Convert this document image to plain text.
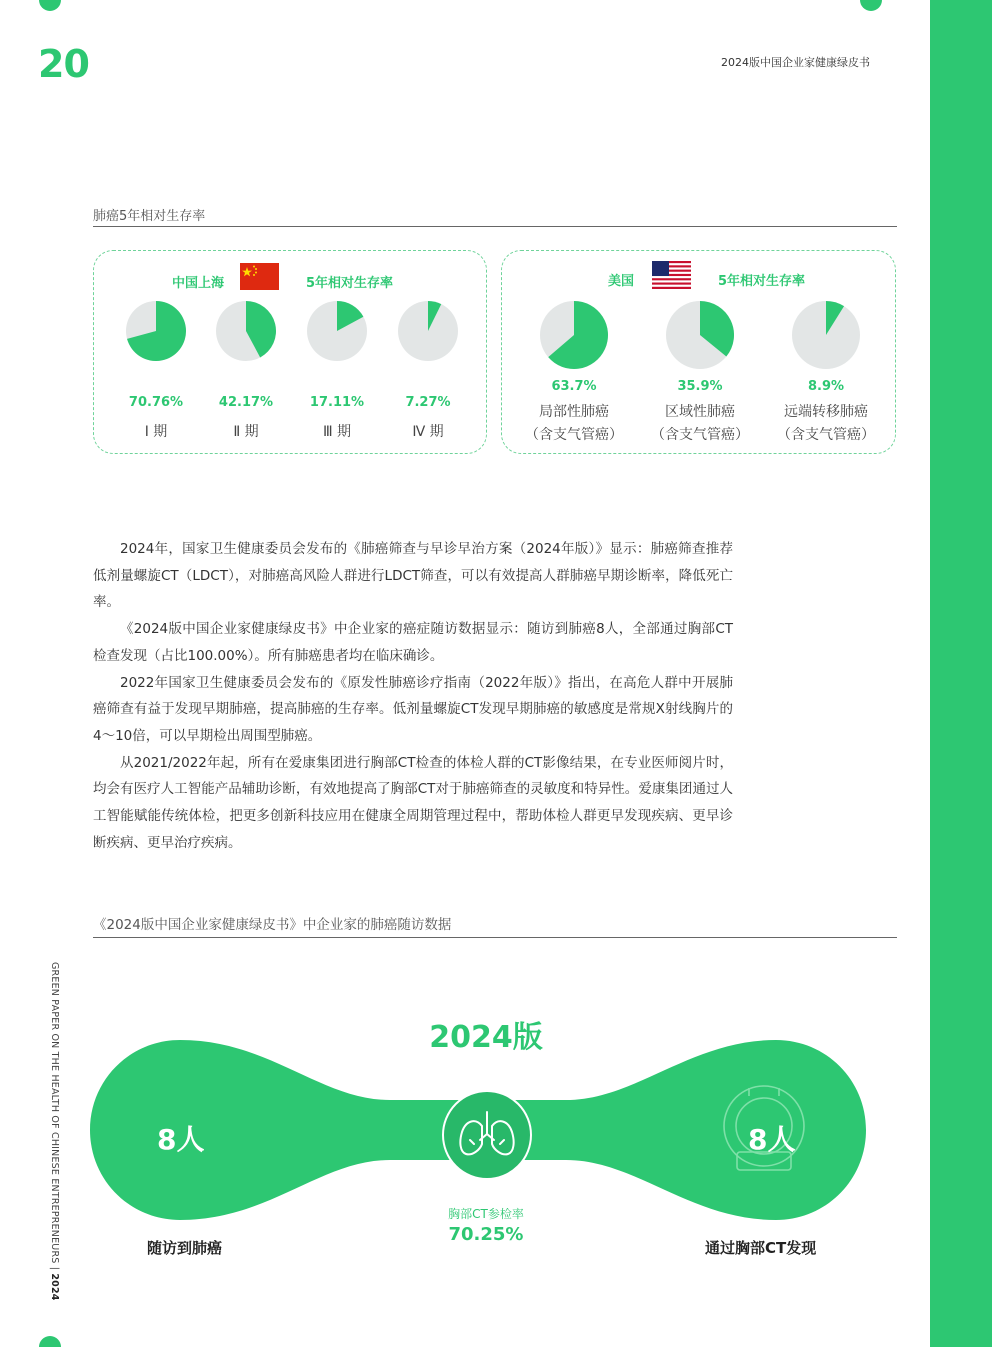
20	2024版中国企业家健康绿皮书
肺癌5年相对生存率
中国上海	5年相对生存率
70.76%
Ⅰ 期
42.17%
Ⅱ 期
17.11%
Ⅲ 期
7.27%
Ⅳ 期
美国	5年相对生存率
63.7%
局部性肺癌
（含支气管癌）
35.9%
区域性肺癌
（含支气管癌）
8.9%
远端转移肺癌
（含支气管癌）

2024年，国家卫生健康委员会发布的《肺癌筛查与早诊早治方案（2024年版）》显示：肺癌筛查推荐低剂量螺旋CT（LDCT），对肺癌高风险人群进行LDCT筛查，可以有效提高人群肺癌早期诊断率，降低死亡率。

《2024版中国企业家健康绿皮书》中企业家的癌症随访数据显示：随访到肺癌8人，全部通过胸部CT检查发现（占比100.00%）。所有肺癌患者均在临床确诊。

2022年国家卫生健康委员会发布的《原发性肺癌诊疗指南（2022年版）》指出，在高危人群中开展肺癌筛查有益于发现早期肺癌，提高肺癌的生存率。低剂量螺旋CT发现早期肺癌的敏感度是常规X射线胸片的4～10倍，可以早期检出周围型肺癌。

从2021/2022年起，所有在爱康集团进行胸部CT检查的体检人群的CT影像结果，在专业医师阅片时，均会有医疗人工智能产品辅助诊断，有效地提高了胸部CT对于肺癌筛查的灵敏度和特异性。爱康集团通过人工智能赋能传统体检，把更多创新科技应用在健康全周期管理过程中，帮助体检人群更早发现疾病、更早诊断疾病、更早治疗疾病。

《2024版中国企业家健康绿皮书》中企业家的肺癌随访数据
GREEN PAPER ON THE HEALTH OF CHINESE ENTREPRENEURS | 2024
2024版
8人	8人
随访到肺癌	通过胸部CT发现
胸部CT参检率
70.25%
